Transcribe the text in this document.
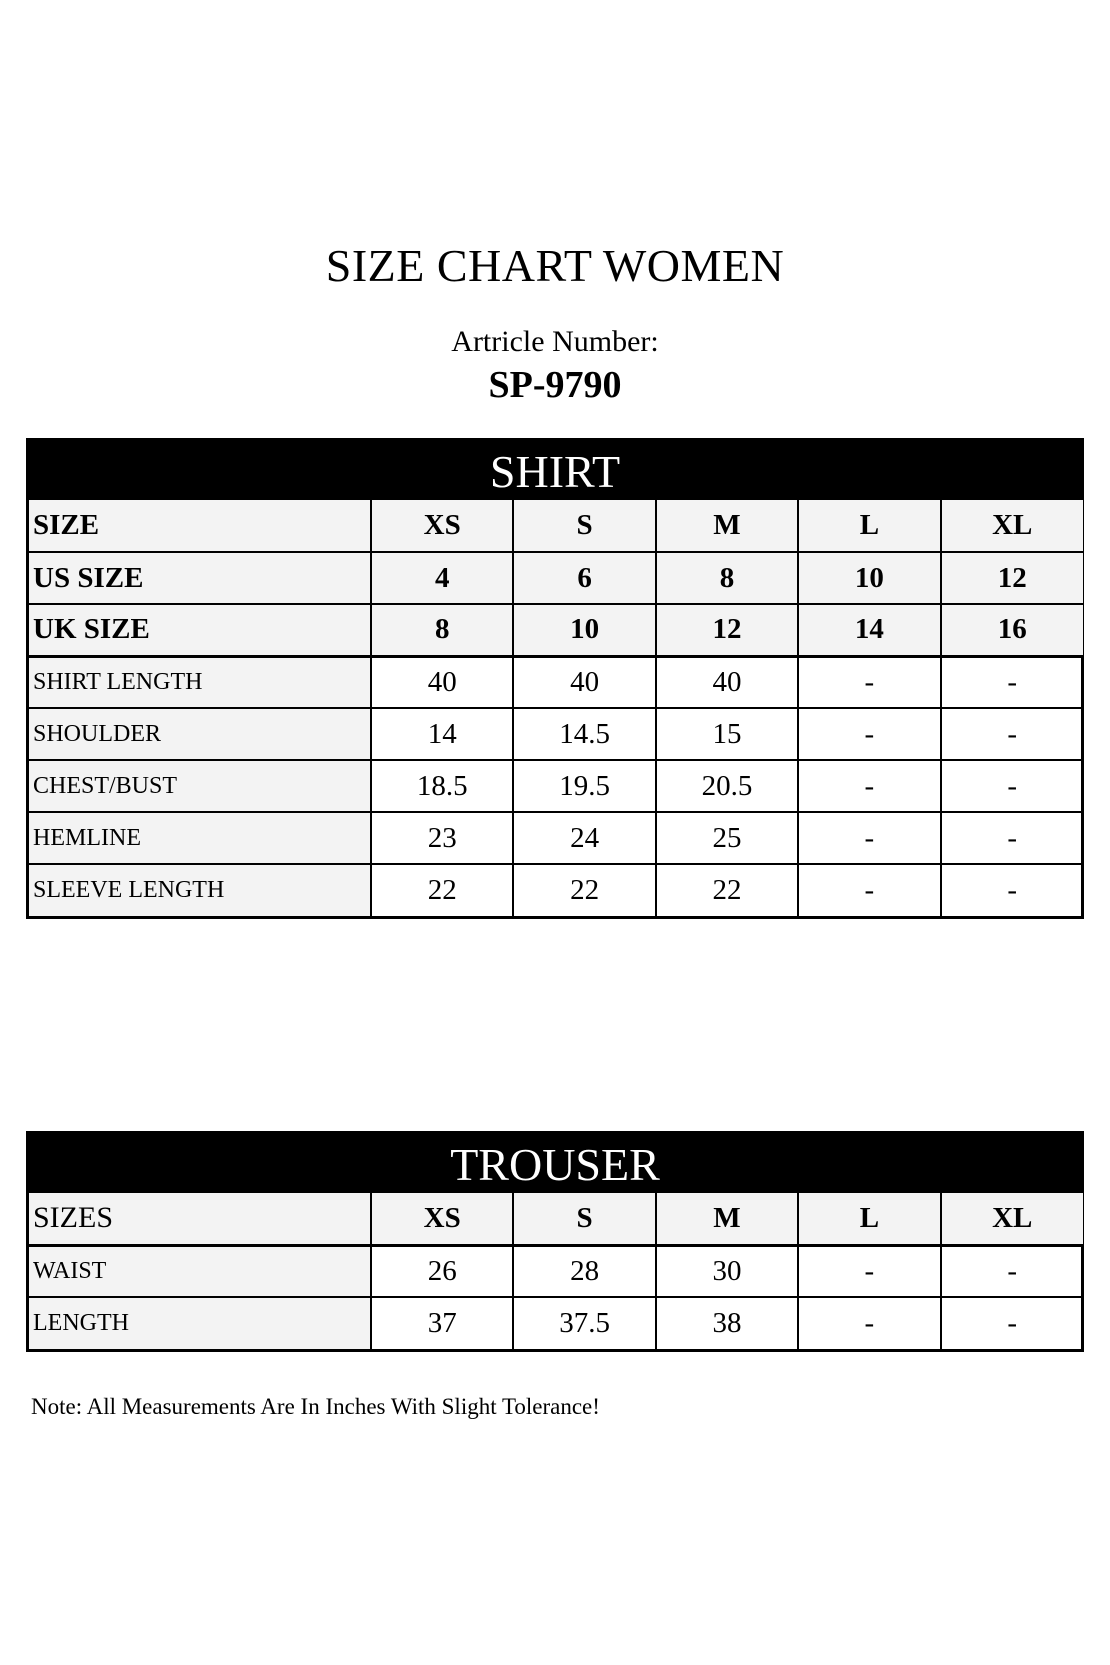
SIZE CHART WOMEN
Artricle Number:
SP-9790
SHIRT
SIZE	XS	S	M	L	XL
US SIZE	4	6	8	10	12
UK SIZE	8	10	12	14	16
SHIRT LENGTH	40	40	40	-	-
SHOULDER	14	14.5	15	-	-
CHEST/BUST	18.5	19.5	20.5	-	-
HEMLINE	23	24	25	-	-
SLEEVE LENGTH	22	22	22	-	-
TROUSER
SIZES	XS	S	M	L	XL
WAIST	26	28	30	-	-
LENGTH	37	37.5	38	-	-
Note: All Measurements Are In Inches With Slight Tolerance!
